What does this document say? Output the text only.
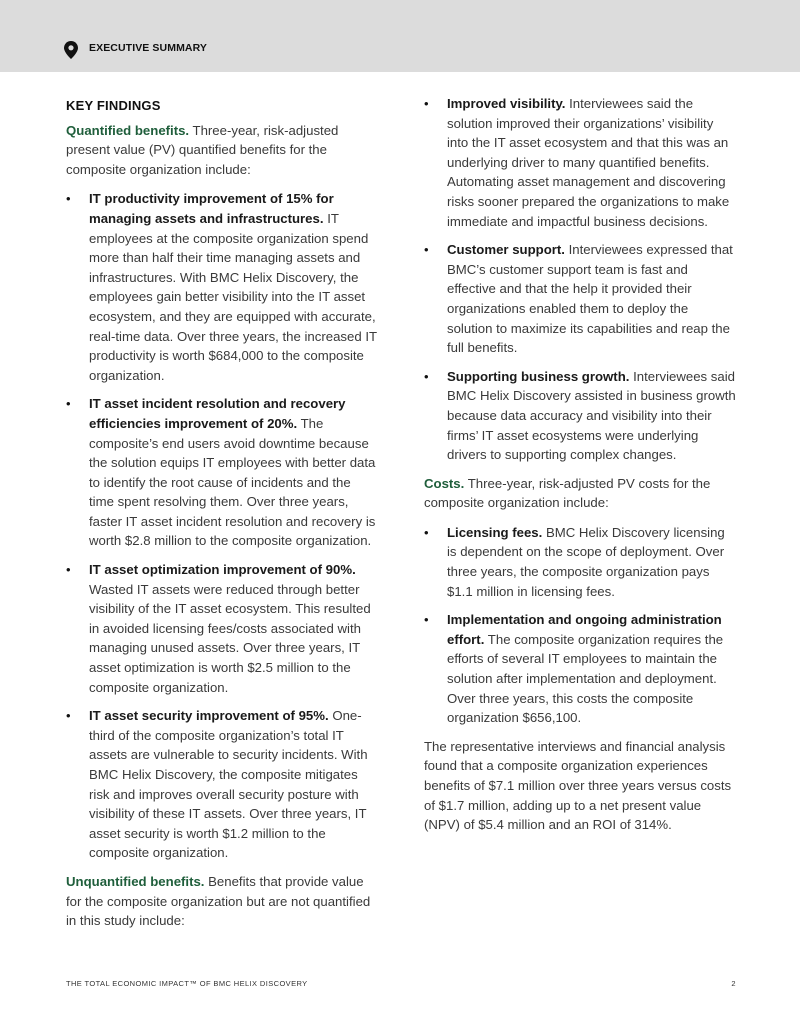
EXECUTIVE SUMMARY
KEY FINDINGS

Quantified benefits. Three-year, risk-adjusted present value (PV) quantified benefits for the composite organization include:

• IT productivity improvement of 15% for managing assets and infrastructures. IT employees at the composite organization spend more than half their time managing assets and infrastructures. With BMC Helix Discovery, the employees gain better visibility into the IT asset ecosystem, and they are equipped with accurate, real-time data. Over three years, the increased IT productivity is worth $684,000 to the composite organization.
• IT asset incident resolution and recovery efficiencies improvement of 20%. The composite’s end users avoid downtime because the solution equips IT employees with better data to identify the root cause of incidents and the time spent resolving them. Over three years, faster IT asset incident resolution and recovery is worth $2.8 million to the composite organization.
• IT asset optimization improvement of 90%. Wasted IT assets were reduced through better visibility of the IT asset ecosystem. This resulted in avoided licensing fees/costs associated with managing unused assets. Over three years, IT asset optimization is worth $2.5 million to the composite organization.
• IT asset security improvement of 95%. One-third of the composite organization’s total IT assets are vulnerable to security incidents. With BMC Helix Discovery, the composite mitigates risk and improves overall security posture with visibility of these IT assets. Over three years, IT asset security is worth $1.2 million to the composite organization.

Unquantified benefits. Benefits that provide value for the composite organization but are not quantified in this study include:

• Improved visibility. Interviewees said the solution improved their organizations’ visibility into the IT asset ecosystem and that this was an underlying driver to many quantified benefits. Automating asset management and discovering risks sooner prepared the organizations to make immediate and impactful business decisions.
• Customer support. Interviewees expressed that BMC’s customer support team is fast and effective and that the help it provided their organizations enabled them to deploy the solution to maximize its capabilities and reap the full benefits.
• Supporting business growth. Interviewees said BMC Helix Discovery assisted in business growth because data accuracy and visibility into their firms’ IT asset ecosystems were underlying drivers to supporting complex changes.

Costs. Three-year, risk-adjusted PV costs for the composite organization include:

• Licensing fees. BMC Helix Discovery licensing is dependent on the scope of deployment. Over three years, the composite organization pays $1.1 million in licensing fees.
• Implementation and ongoing administration effort. The composite organization requires the efforts of several IT employees to maintain the solution after implementation and deployment. Over three years, this costs the composite organization $656,100.

The representative interviews and financial analysis found that a composite organization experiences benefits of $7.1 million over three years versus costs of $1.7 million, adding up to a net present value (NPV) of $5.4 million and an ROI of 314%.

THE TOTAL ECONOMIC IMPACT™ OF BMC HELIX DISCOVERY	2
